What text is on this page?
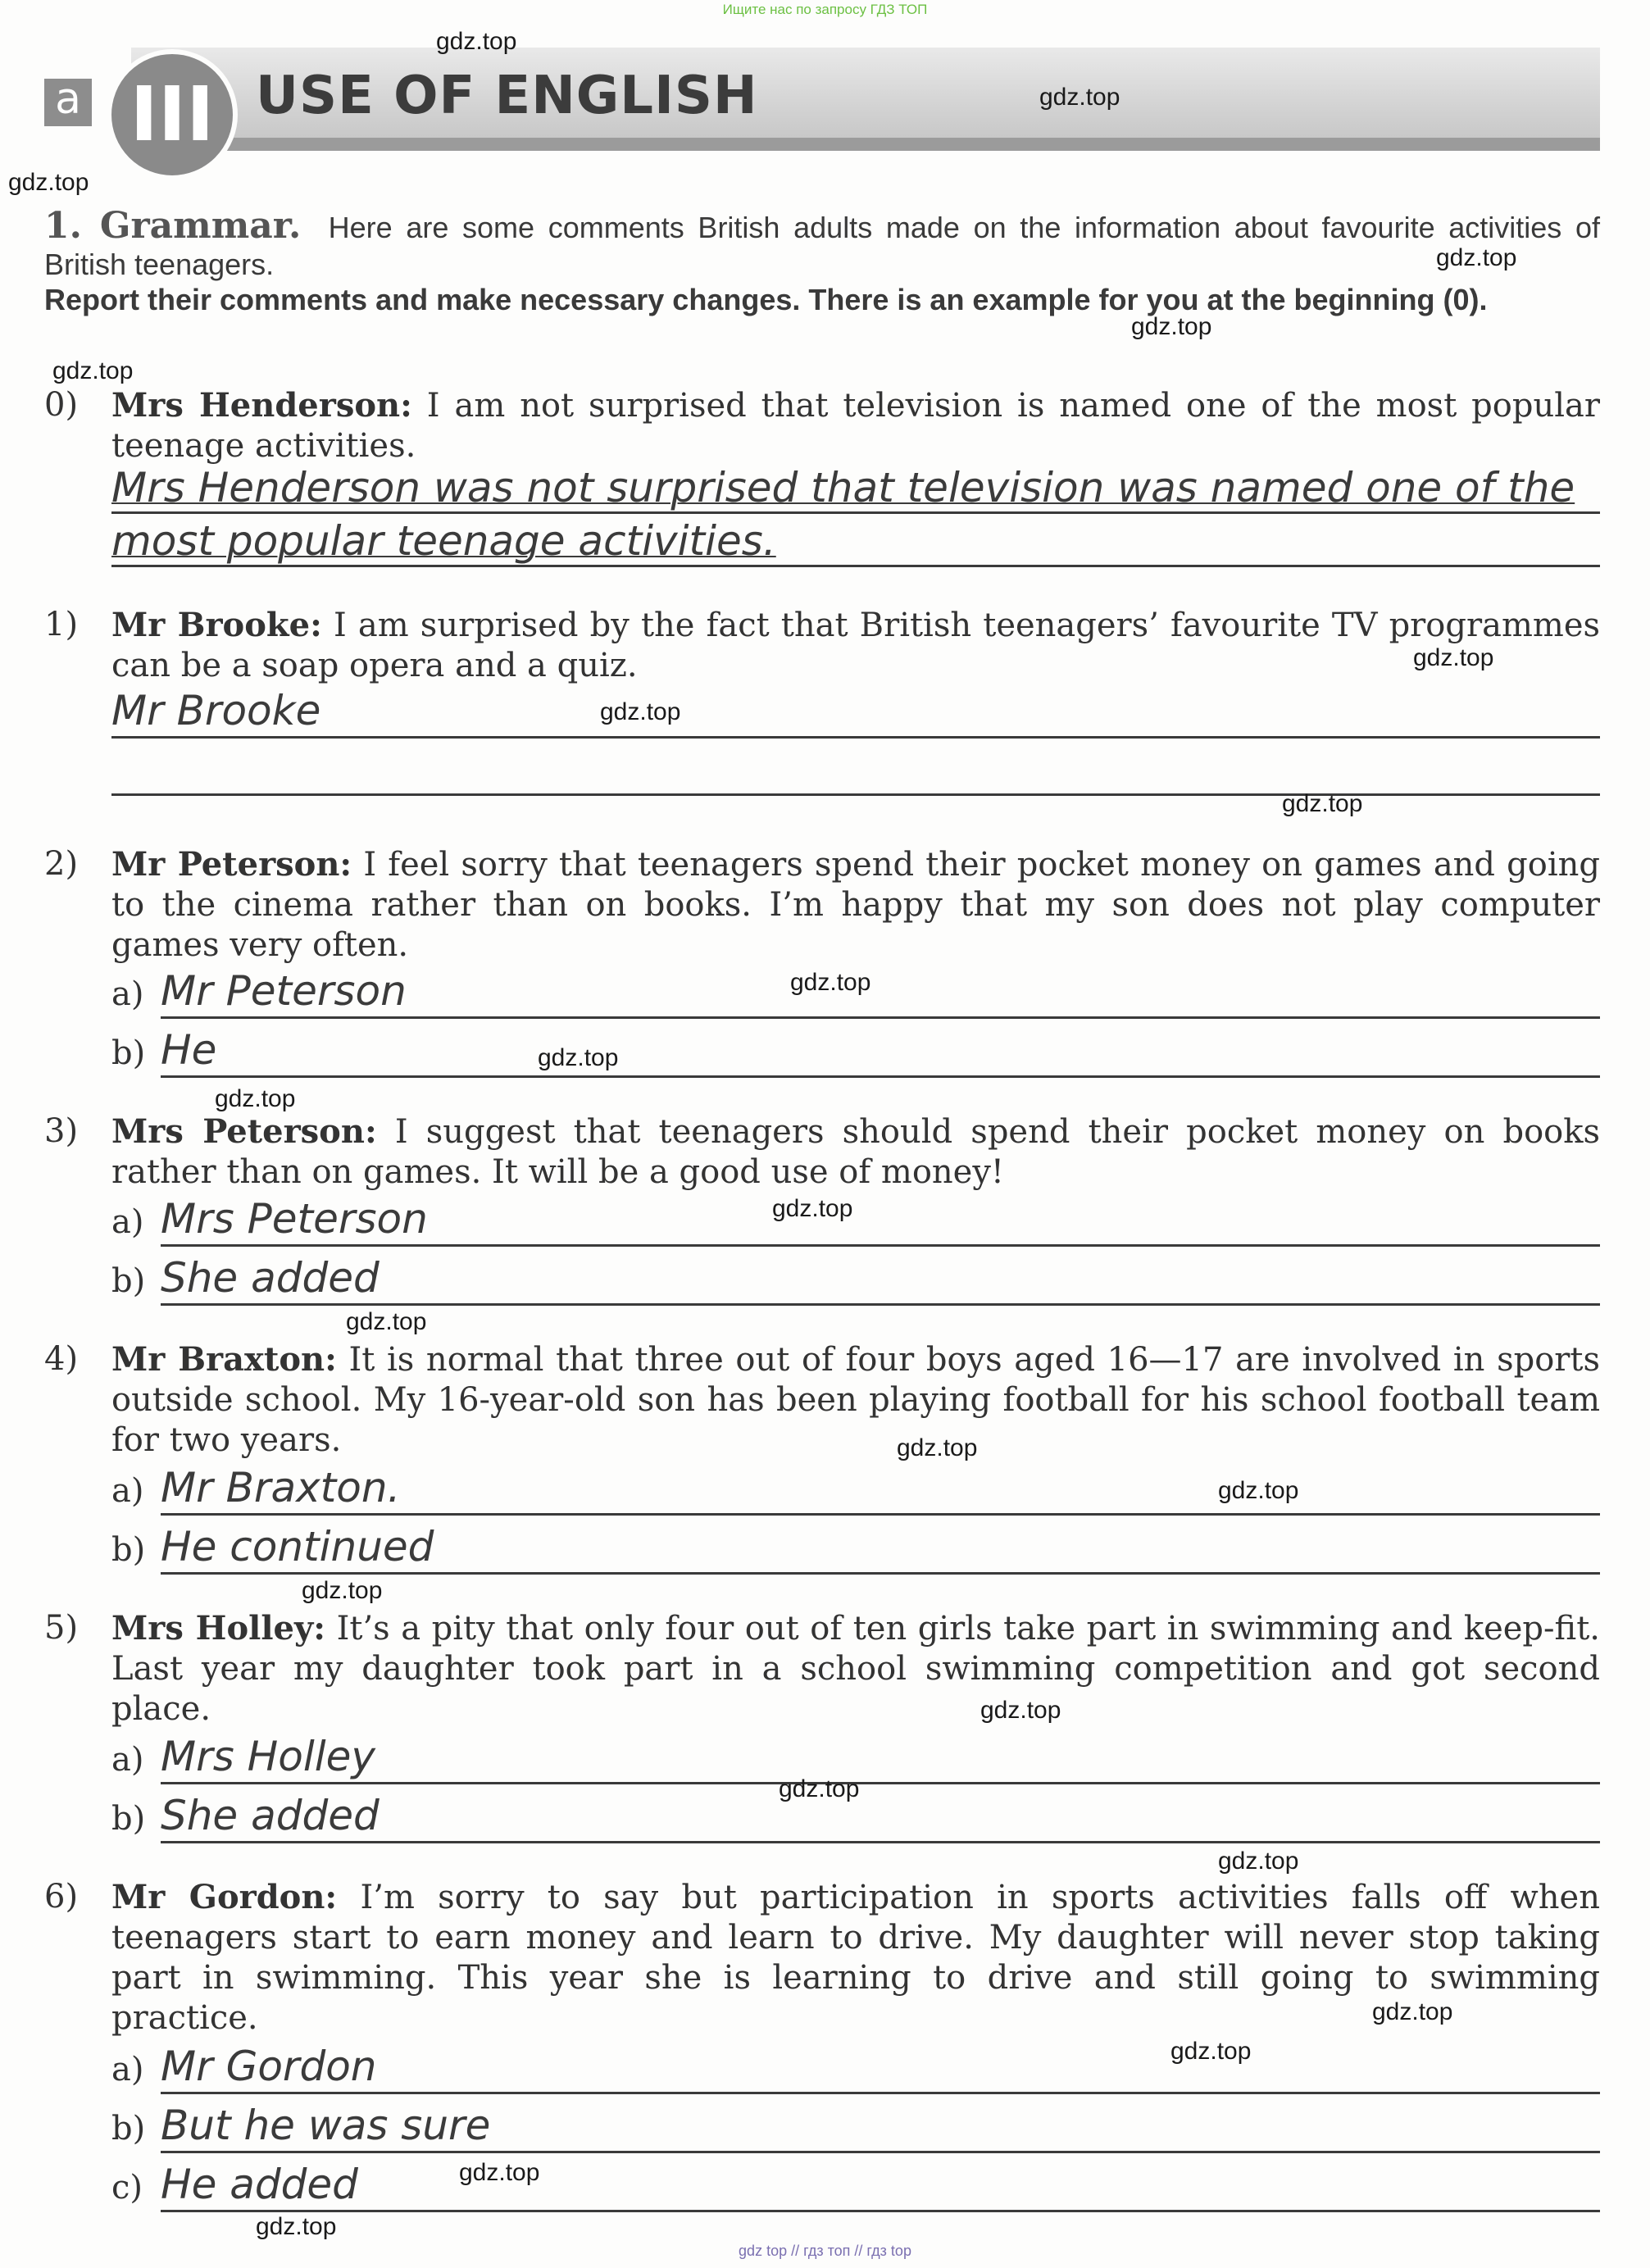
Ищите нас по запросу ГДЗ ТОП
gdz top // гдз топ // гдз top
a III USE OF ENGLISH
1. Grammar. Here are some comments British adults made on the information about favourite activities of British teenagers.
Report their comments and make necessary changes. There is an example for you at the beginning (0).
0)	Mrs Henderson: I am not surprised that television is named one of the most popular teenage activities.
Mrs Henderson was not surprised that television was named one of the
most popular teenage activities.
1)	Mr Brooke: I am surprised by the fact that British teenagers’ favourite TV programmes can be a soap opera and a quiz.
Mr Brooke
2)	Mr Peterson: I feel sorry that teenagers spend their pocket money on games and going to the cinema rather than on books. I’m happy that my son does not play computer games very often.
a) Mr Peterson
b) He
3)	Mrs Peterson: I suggest that teenagers should spend their pocket money on books rather than on games. It will be a good use of money!
a) Mrs Peterson
b) She added
4)	Mr Braxton: It is normal that three out of four boys aged 16—17 are involved in sports outside school. My 16-year-old son has been playing football for his school football team for two years.
a) Mr Braxton.
b) He continued
5)	Mrs Holley: It’s a pity that only four out of ten girls take part in swimming and keep-fit. Last year my daughter took part in a school swimming competition and got second place.
a) Mrs Holley
b) She added
6)	Mr Gordon: I’m sorry to say but participation in sports activities falls off when teenagers start to earn money and learn to drive. My daughter will never stop taking part in swimming. This year she is learning to drive and still going to swimming practice.
a) Mr Gordon
b) But he was sure
c) He added
gdz.top
gdz.top
gdz.top
gdz.top
gdz.top
gdz.top
gdz.top
gdz.top
gdz.top
gdz.top
gdz.top
gdz.top
gdz.top
gdz.top
gdz.top
gdz.top
gdz.top
gdz.top
gdz.top
gdz.top
gdz.top
gdz.top
gdz.top
gdz.top
